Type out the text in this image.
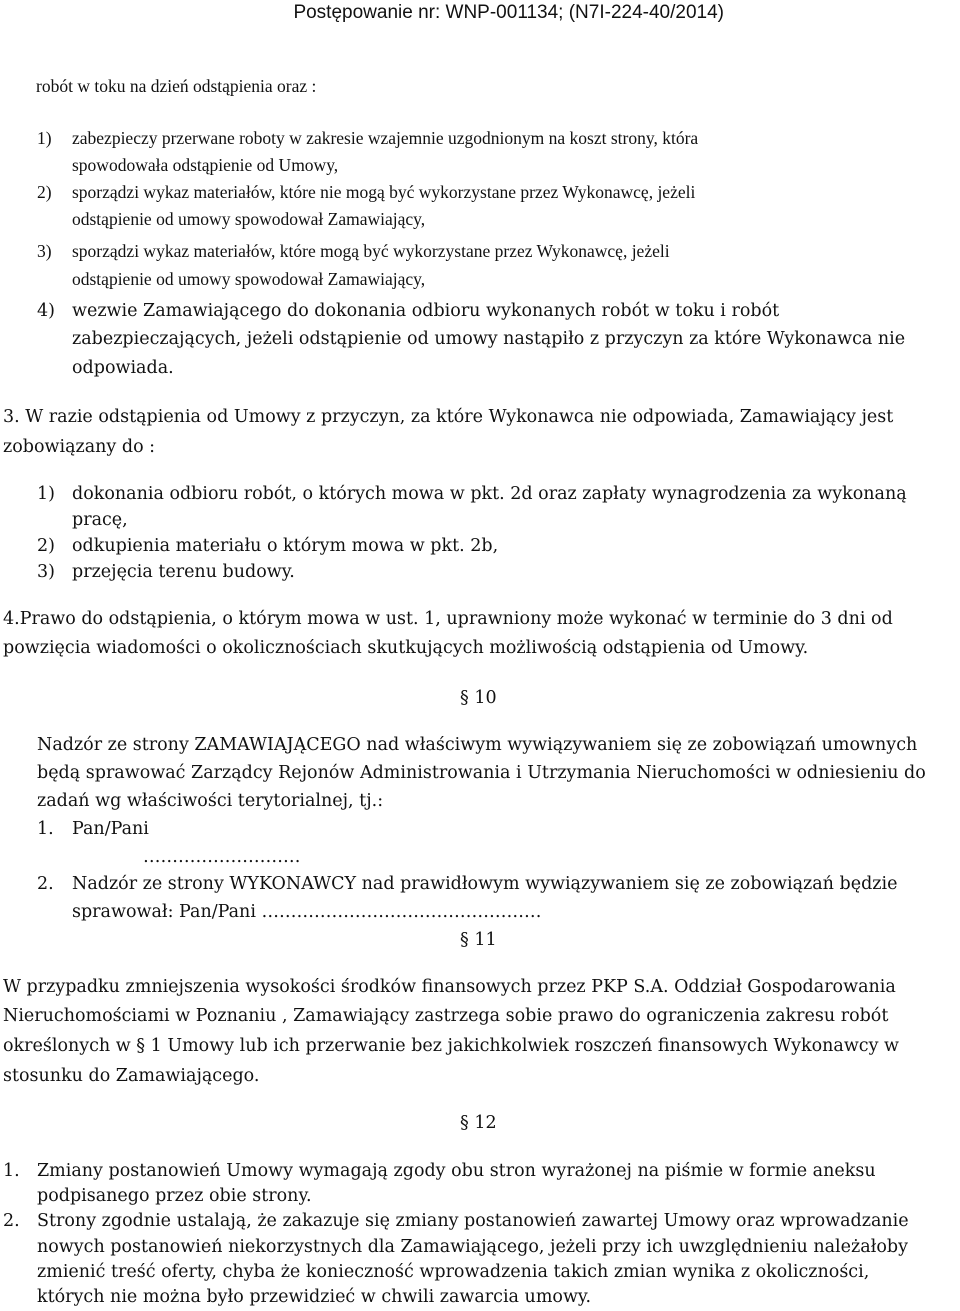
Postępowanie nr: WNP-001134; (N7I-224-40/2014)
robót w toku na dzień odstąpienia oraz :
1) zabezpieczy przerwane roboty w zakresie wzajemnie uzgodnionym na koszt strony, która
spowodowała odstąpienie od Umowy,
2) sporządzi wykaz materiałów, które nie mogą być wykorzystane przez Wykonawcę, jeżeli
odstąpienie od umowy spowodował Zamawiający,
3) sporządzi wykaz materiałów, które mogą być wykorzystane przez Wykonawcę, jeżeli
odstąpienie od umowy spowodował Zamawiający,
4) wezwie Zamawiającego do dokonania odbioru wykonanych robót w toku i robót
zabezpieczających, jeżeli odstąpienie od umowy nastąpiło z przyczyn za które Wykonawca nie
odpowiada.
3. W razie odstąpienia od Umowy z przyczyn, za które Wykonawca nie odpowiada, Zamawiający jest
zobowiązany do :
1) dokonania odbioru robót, o których mowa w pkt. 2d oraz zapłaty wynagrodzenia za wykonaną
pracę,
2) odkupienia materiału o którym mowa w pkt. 2b,
3) przejęcia terenu budowy.
4.Prawo do odstąpienia, o którym mowa w ust. 1, uprawniony może wykonać w terminie do 3 dni od
powzięcia wiadomości o okolicznościach skutkujących możliwością odstąpienia od Umowy.
§ 10
Nadzór ze strony ZAMAWIAJĄCEGO nad właściwym wywiązywaniem się ze zobowiązań umownych
będą sprawować Zarządcy Rejonów Administrowania i Utrzymania Nieruchomości w odniesieniu do
zadań wg właściwości terytorialnej, tj.:
1. Pan/Pani
………………………
2. Nadzór ze strony WYKONAWCY nad prawidłowym wywiązywaniem się ze zobowiązań będzie
sprawował: Pan/Pani …………………………………………
§ 11
W przypadku zmniejszenia wysokości środków finansowych przez PKP S.A. Oddział Gospodarowania
Nieruchomościami w Poznaniu , Zamawiający zastrzega sobie prawo do ograniczenia zakresu robót
określonych w § 1 Umowy lub ich przerwanie bez jakichkolwiek roszczeń finansowych Wykonawcy w
stosunku do Zamawiającego.
§ 12
1. Zmiany postanowień Umowy wymagają zgody obu stron wyrażonej na piśmie w formie aneksu
podpisanego przez obie strony.
2. Strony zgodnie ustalają, że zakazuje się zmiany postanowień zawartej Umowy oraz wprowadzanie
nowych postanowień niekorzystnych dla Zamawiającego, jeżeli przy ich uwzględnieniu należałoby
zmienić treść oferty, chyba że konieczność wprowadzenia takich zmian wynika z okoliczności,
których nie można było przewidzieć w chwili zawarcia umowy.
